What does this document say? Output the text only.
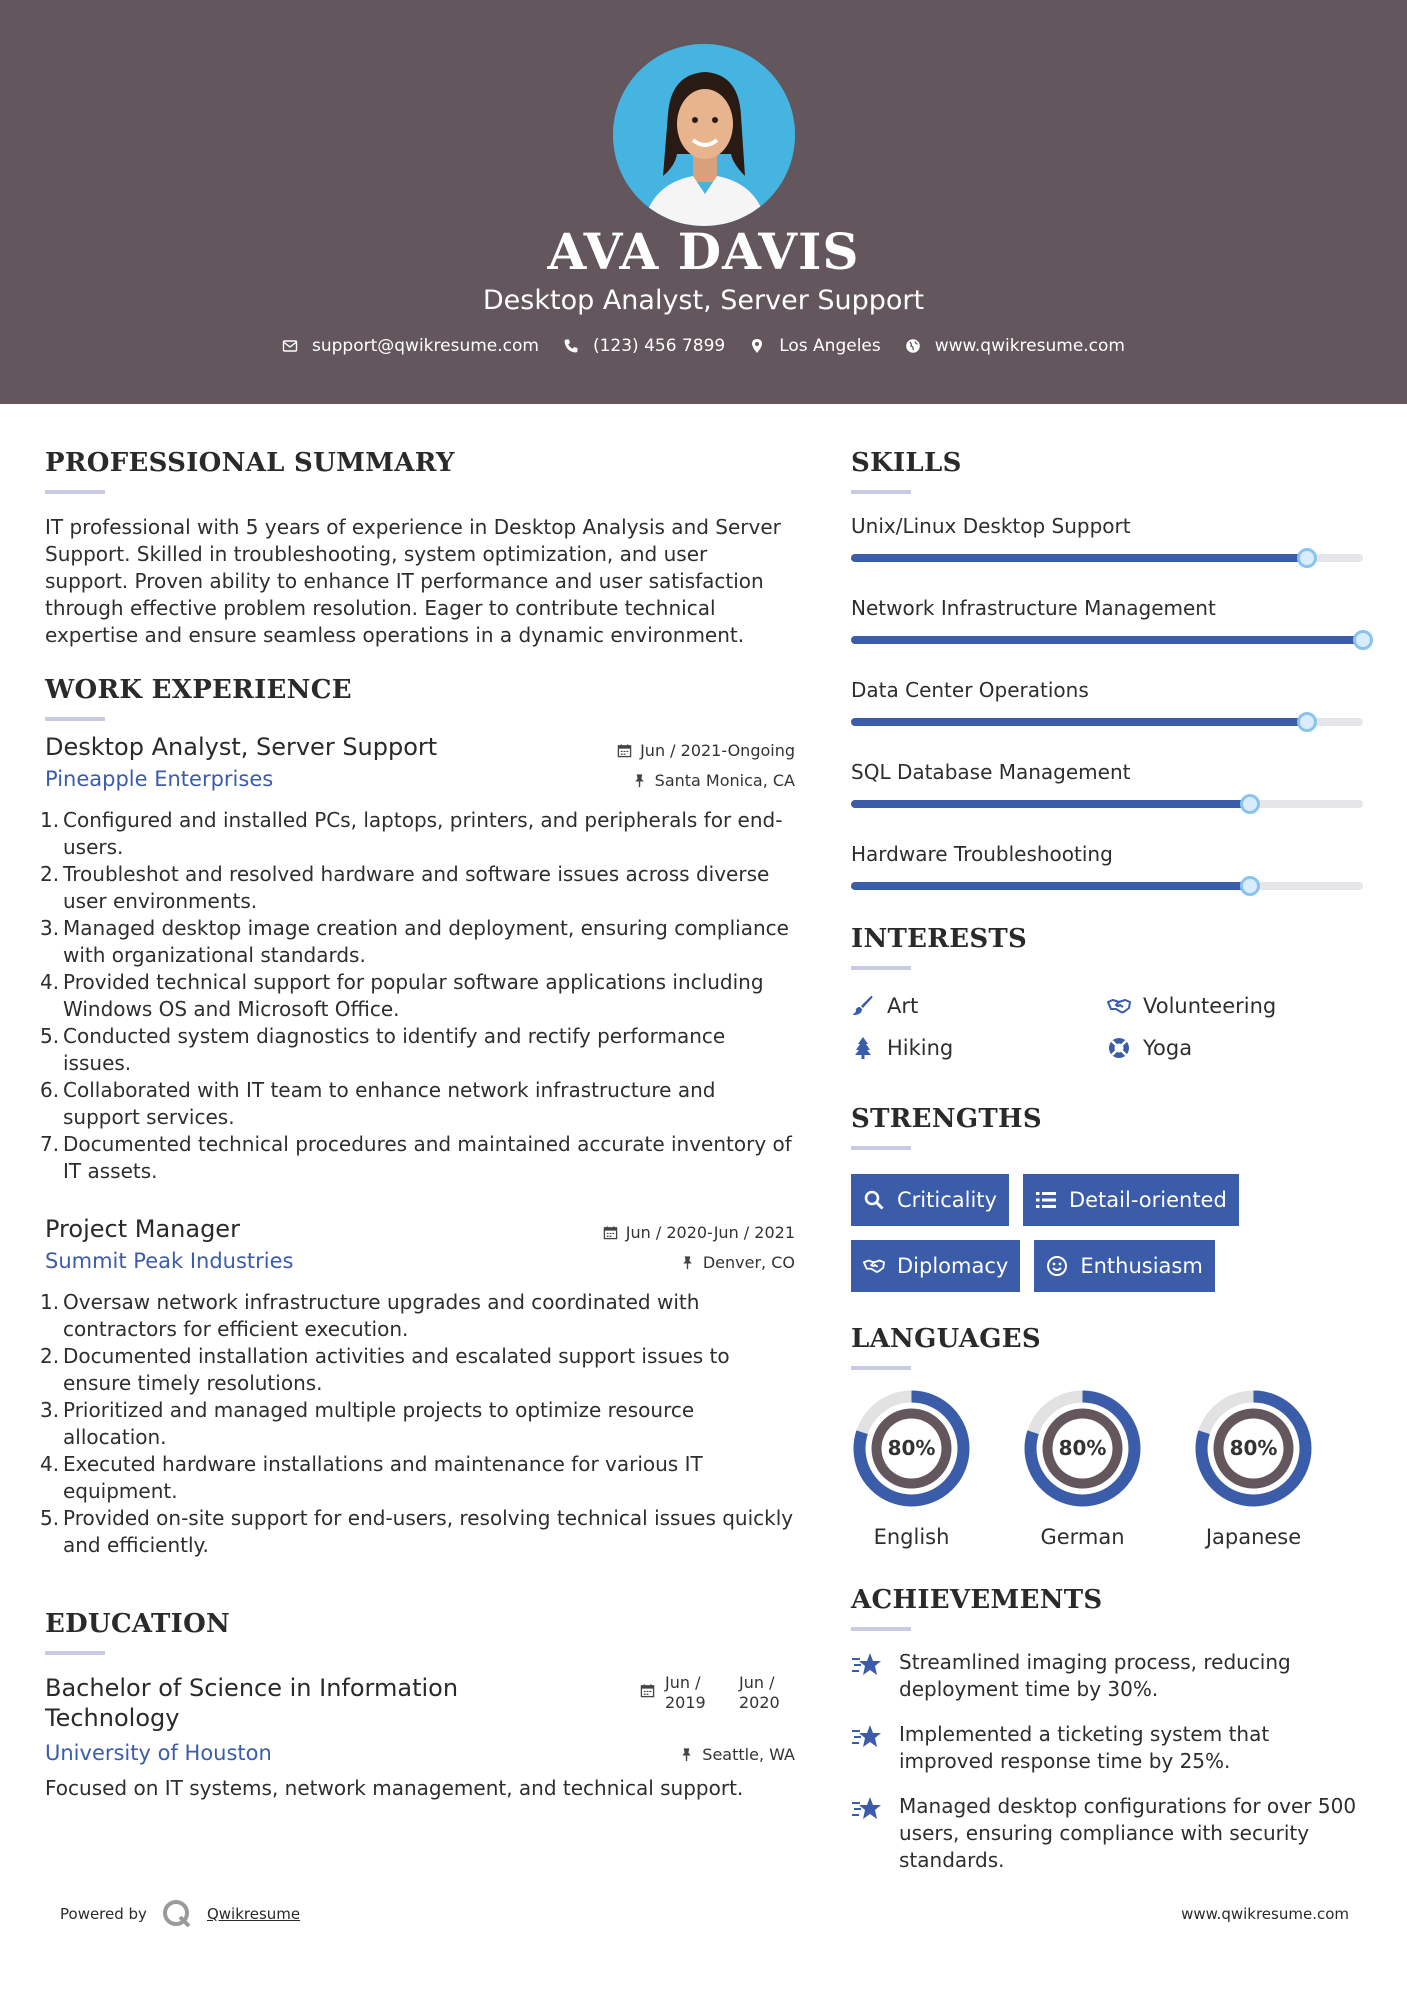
AVA DAVIS
Desktop Analyst, Server Support
support@qwikresume.com	(123) 456 7899	Los Angeles	www.qwikresume.com
PROFESSIONAL SUMMARY
IT professional with 5 years of experience in Desktop Analysis and Server Support. Skilled in troubleshooting, system optimization, and user support. Proven ability to enhance IT performance and user satisfaction through effective problem resolution. Eager to contribute technical expertise and ensure seamless operations in a dynamic environment.
WORK EXPERIENCE
Desktop Analyst, Server Support	Jun / 2021-Ongoing
Pineapple Enterprises	Santa Monica, CA
1. Configured and installed PCs, laptops, printers, and peripherals for end-users.
2. Troubleshot and resolved hardware and software issues across diverse user environments.
3. Managed desktop image creation and deployment, ensuring compliance with organizational standards.
4. Provided technical support for popular software applications including Windows OS and Microsoft Office.
5. Conducted system diagnostics to identify and rectify performance issues.
6. Collaborated with IT team to enhance network infrastructure and support services.
7. Documented technical procedures and maintained accurate inventory of IT assets.
Project Manager	Jun / 2020-Jun / 2021
Summit Peak Industries	Denver, CO
1. Oversaw network infrastructure upgrades and coordinated with contractors for efficient execution.
2. Documented installation activities and escalated support issues to ensure timely resolutions.
3. Prioritized and managed multiple projects to optimize resource allocation.
4. Executed hardware installations and maintenance for various IT equipment.
5. Provided on-site support for end-users, resolving technical issues quickly and efficiently.
EDUCATION
Bachelor of Science in Information Technology
Jun / 2019
Jun / 2020
University of Houston	Seattle, WA
Focused on IT systems, network management, and technical support.
SKILLS
Unix/Linux Desktop Support
Network Infrastructure Management
Data Center Operations
SQL Database Management
Hardware Troubleshooting
INTERESTS
Art	Volunteering
Hiking	Yoga
STRENGTHS
Criticality	Detail-oriented
Diplomacy	Enthusiasm
LANGUAGES
80%
English
80%
German
80%
Japanese
ACHIEVEMENTS
Streamlined imaging process, reducing deployment time by 30%.
Implemented a ticketing system that improved response time by 25%.
Managed desktop configurations for over 500 users, ensuring compliance with security standards.
Powered by	Qwikresume	www.qwikresume.com
